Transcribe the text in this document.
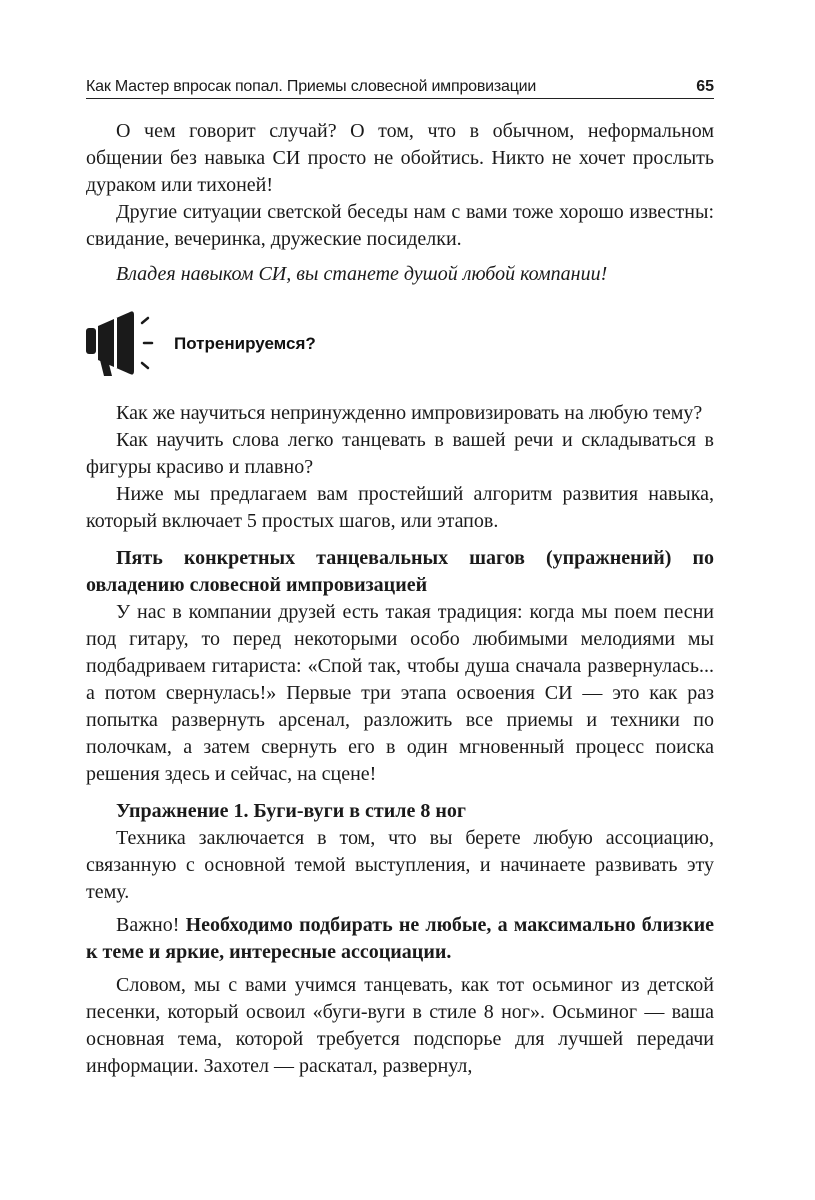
Как Мастер впросак попал. Приемы словесной импровизации	65

О чем говорит случай? О том, что в обычном, неформальном общении без навыка СИ просто не обойтись. Никто не хочет прослыть дураком или тихоней!

Другие ситуации светской беседы нам с вами тоже хорошо известны: свидание, вечеринка, дружеские посиделки.

Владея навыком СИ, вы станете душой любой компании!

Потренируемся?

Как же научиться непринужденно импровизировать на любую тему?

Как научить слова легко танцевать в вашей речи и складываться в фигуры красиво и плавно?

Ниже мы предлагаем вам простейший алгоритм развития навыка, который включает 5 простых шагов, или этапов.

Пять конкретных танцевальных шагов (упражнений) по овладению словесной импровизацией

У нас в компании друзей есть такая традиция: когда мы поем песни под гитару, то перед некоторыми особо любимыми мелодиями мы подбадриваем гитариста: «Спой так, чтобы душа сначала развернулась... а потом свернулась!» Первые три этапа освоения СИ — это как раз попытка развернуть арсенал, разложить все приемы и техники по полочкам, а затем свернуть его в один мгновенный процесс поиска решения здесь и сейчас, на сцене!

Упражнение 1. Буги-вуги в стиле 8 ног

Техника заключается в том, что вы берете любую ассоциацию, связанную с основной темой выступления, и начинаете развивать эту тему.

Важно! Необходимо подбирать не любые, а максимально близкие к теме и яркие, интересные ассоциации.

Словом, мы с вами учимся танцевать, как тот осьминог из детской песенки, который освоил «буги-вуги в стиле 8 ног». Осьминог — ваша основная тема, которой требуется подспорье для лучшей передачи информации. Захотел — раскатал, развернул,
